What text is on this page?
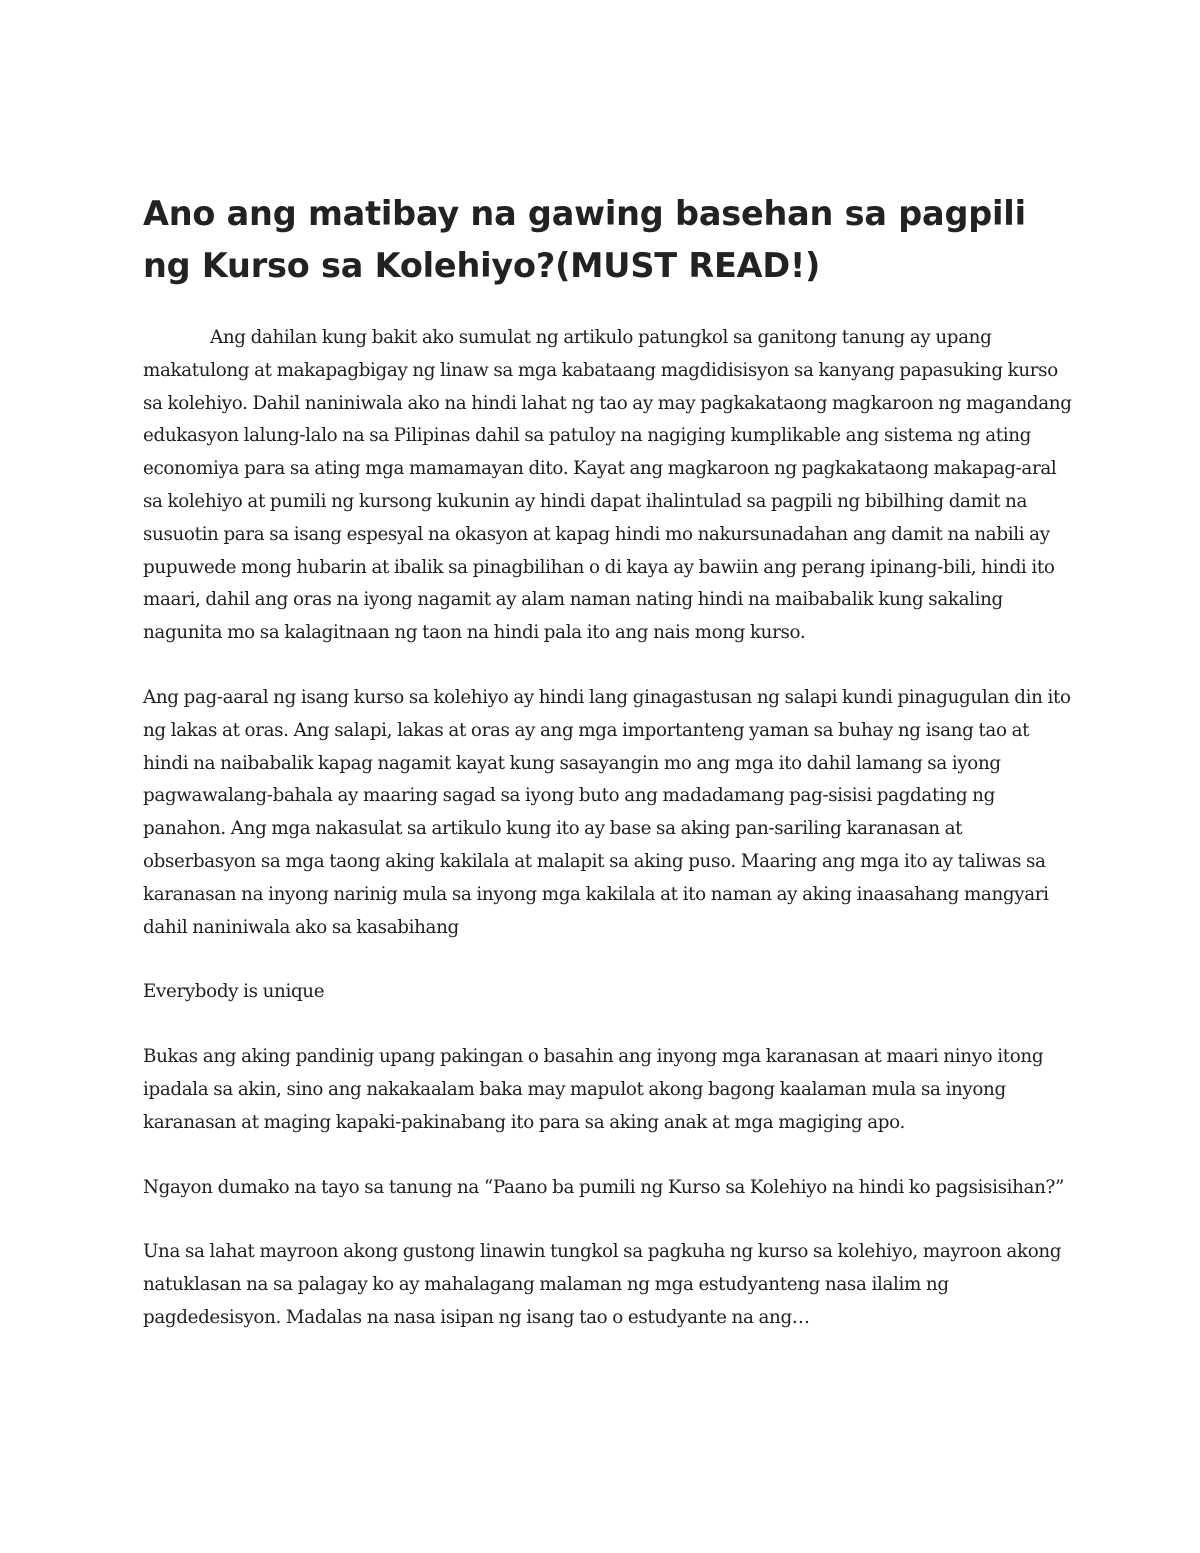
Ano ang matibay na gawing basehan sa pagpili ng Kurso sa Kolehiyo?(MUST READ!)

Ang dahilan kung bakit ako sumulat ng artikulo patungkol sa ganitong tanung ay upang makatulong at makapagbigay ng linaw sa mga kabataang magdidisisyon sa kanyang papasuking kurso sa kolehiyo. Dahil naniniwala ako na hindi lahat ng tao ay may pagkakataong magkaroon ng magandang edukasyon lalung-lalo na sa Pilipinas dahil sa patuloy na nagiging kumplikable ang sistema ng ating economiya para sa ating mga mamamayan dito. Kayat ang magkaroon ng pagkakataong makapag-aral sa kolehiyo at pumili ng kursong kukunin ay hindi dapat ihalintulad sa pagpili ng bibilhing damit na susuotin para sa isang espesyal na okasyon at kapag hindi mo nakursunadahan ang damit na nabili ay pupuwede mong hubarin at ibalik sa pinagbilihan o di kaya ay bawiin ang perang ipinang-bili, hindi ito maari, dahil ang oras na iyong nagamit ay alam naman nating hindi na maibabalik kung sakaling nagunita mo sa kalagitnaan ng taon na hindi pala ito ang nais mong kurso.

Ang pag-aaral ng isang kurso sa kolehiyo ay hindi lang ginagastusan ng salapi kundi pinagugulan din ito ng lakas at oras. Ang salapi, lakas at oras ay ang mga importanteng yaman sa buhay ng isang tao at hindi na naibabalik kapag nagamit kayat kung sasayangin mo ang mga ito dahil lamang sa iyong pagwawalang-bahala ay maaring sagad sa iyong buto ang madadamang pag-sisisi pagdating ng panahon. Ang mga nakasulat sa artikulo kung ito ay base sa aking pan-sariling karanasan at obserbasyon sa mga taong aking kakilala at malapit sa aking puso. Maaring ang mga ito ay taliwas sa karanasan na inyong narinig mula sa inyong mga kakilala at ito naman ay aking inaasahang mangyari dahil naniniwala ako sa kasabihang

Everybody is unique

Bukas ang aking pandinig upang pakingan o basahin ang inyong mga karanasan at maari ninyo itong ipadala sa akin, sino ang nakakaalam baka may mapulot akong bagong kaalaman mula sa inyong karanasan at maging kapaki-pakinabang ito para sa aking anak at mga magiging apo.

Ngayon dumako na tayo sa tanung na “Paano ba pumili ng Kurso sa Kolehiyo na hindi ko pagsisisihan?”

Una sa lahat mayroon akong gustong linawin tungkol sa pagkuha ng kurso sa kolehiyo, mayroon akong natuklasan na sa palagay ko ay mahalagang malaman ng mga estudyanteng nasa ilalim ng pagdedesisyon. Madalas na nasa isipan ng isang tao o estudyante na ang…
